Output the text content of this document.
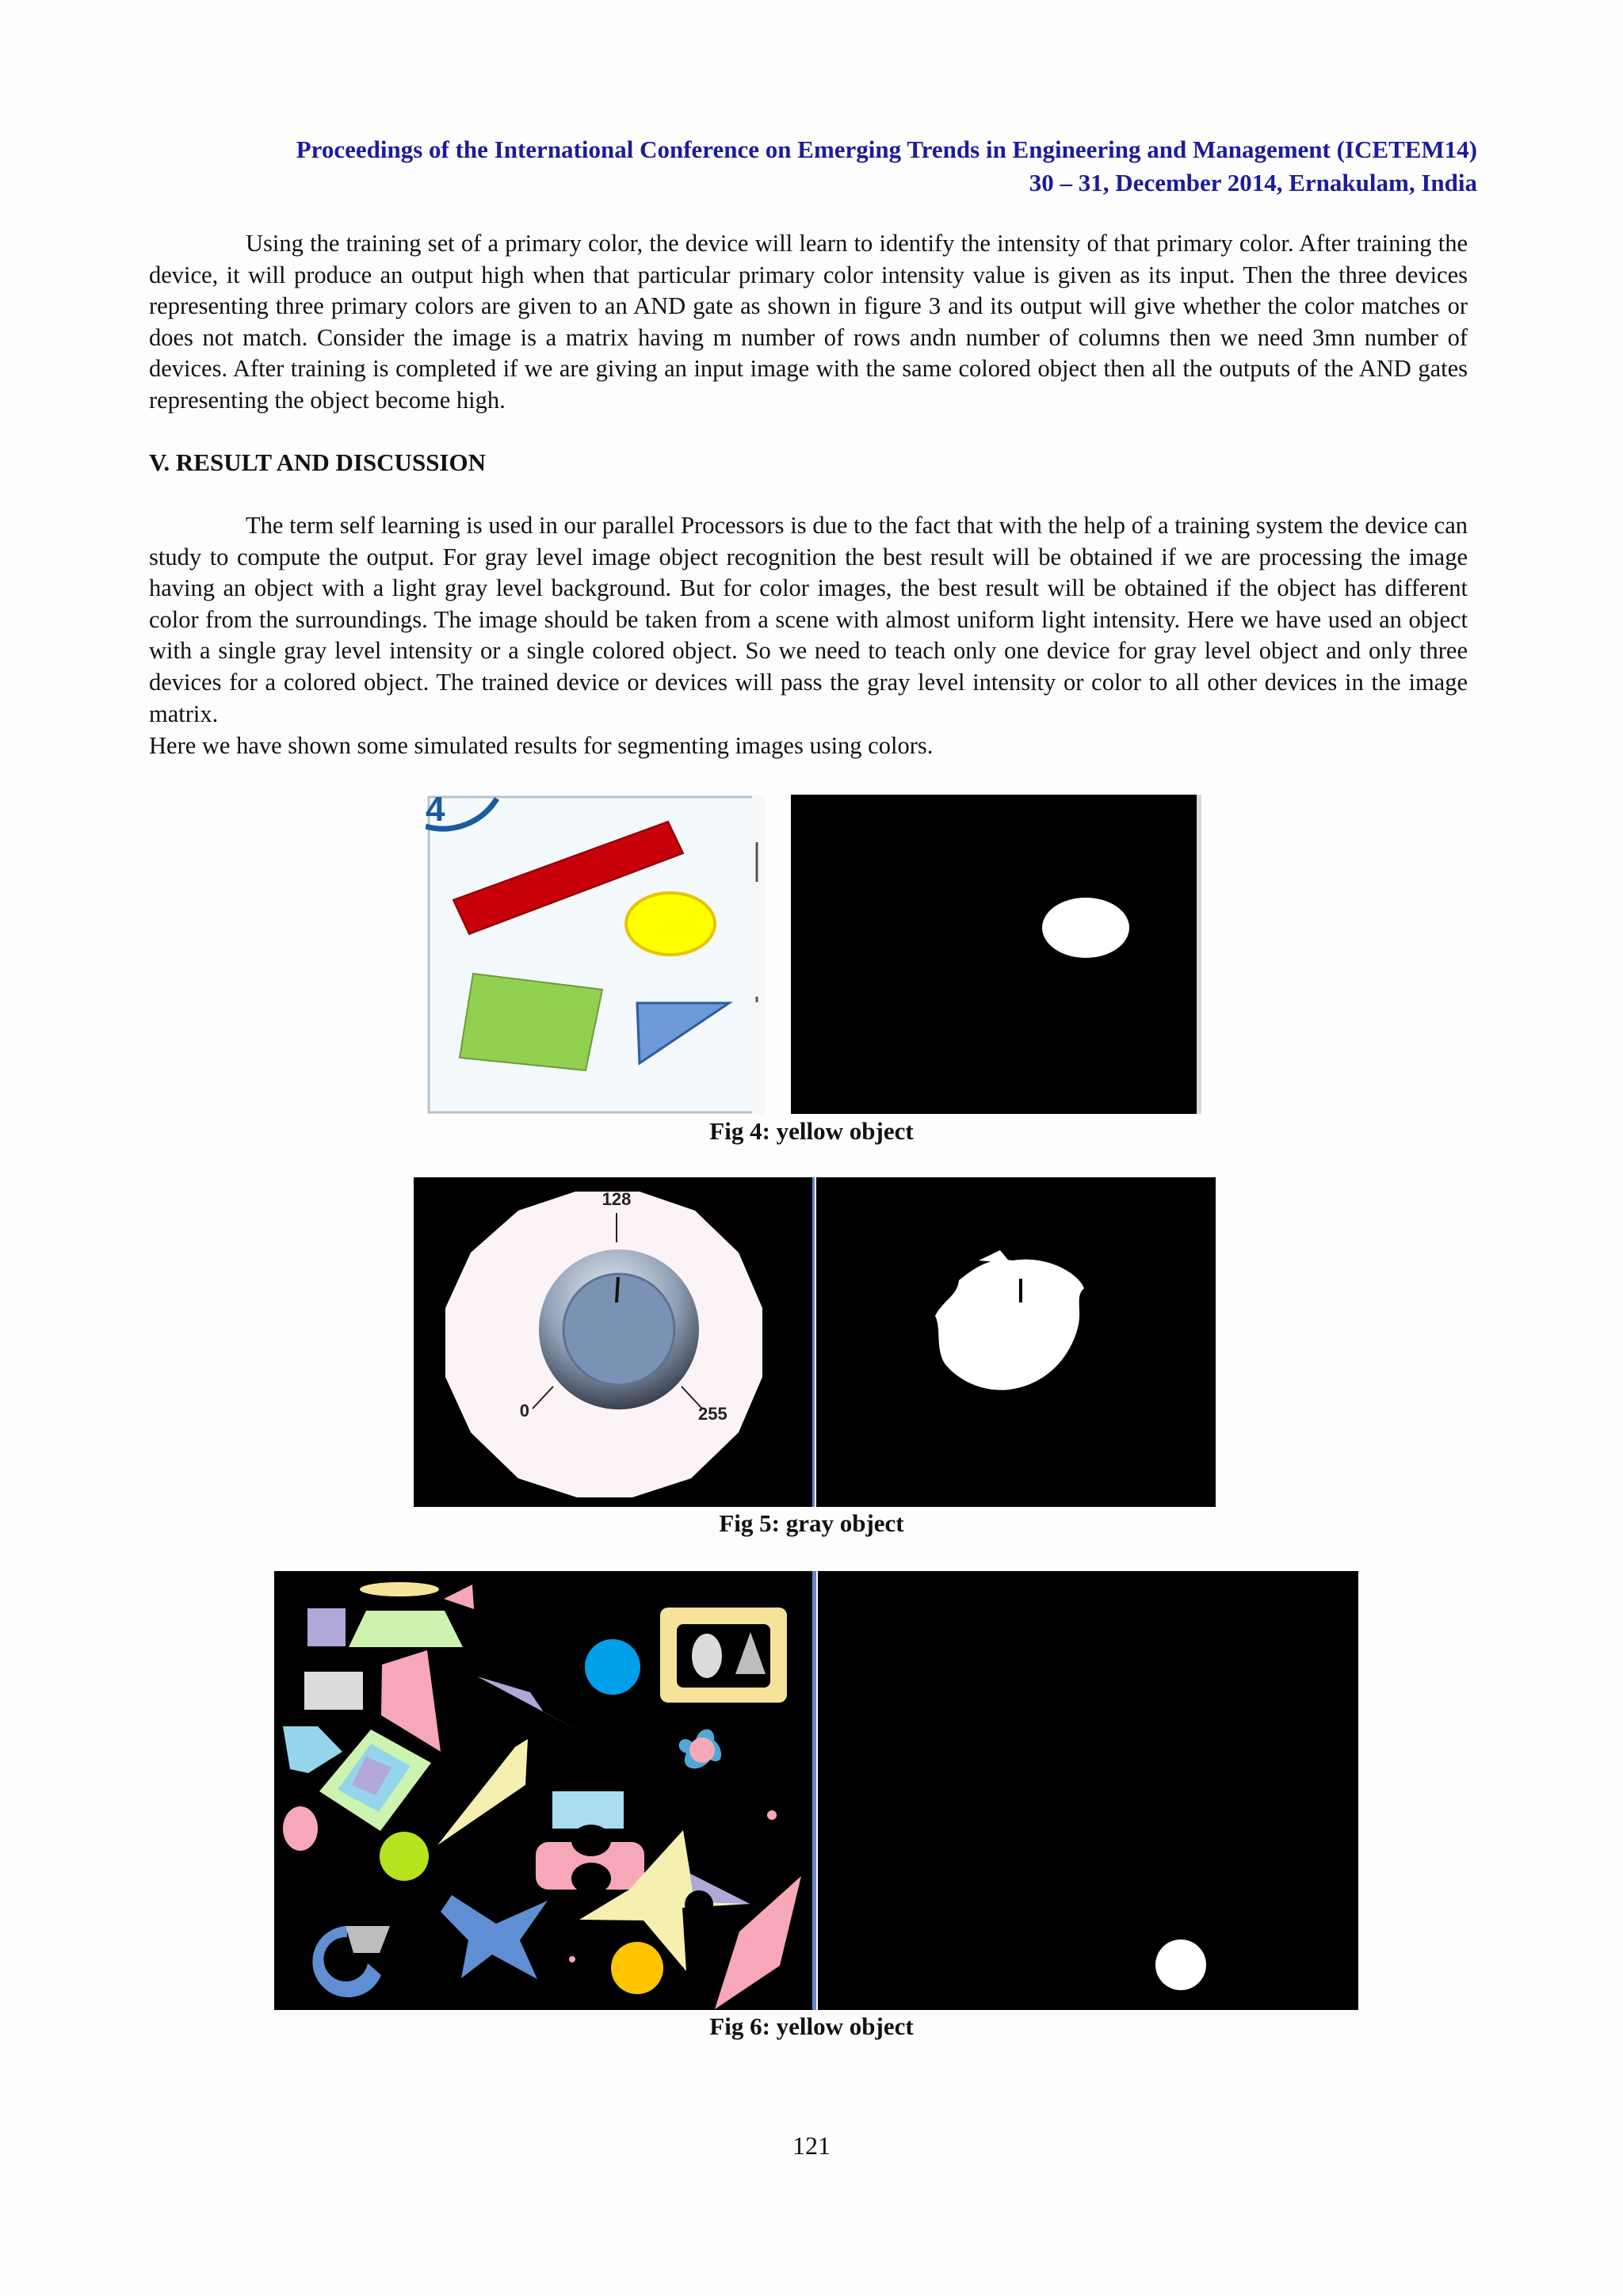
Proceedings of the International Conference on Emerging Trends in Engineering and Management (ICETEM14)
30 – 31, December 2014, Ernakulam, India

Using the training set of a primary color, the device will learn to identify the intensity of that primary color. After training the device, it will produce an output high when that particular primary color intensity value is given as its input. Then the three devices representing three primary colors are given to an AND gate as shown in figure 3 and its output will give whether the color matches or does not match. Consider the image is a matrix having m number of rows andn number of columns then we need 3mn number of devices. After training is completed if we are giving an input image with the same colored object then all the outputs of the AND gates representing the object become high.

V. RESULT AND DISCUSSION

The term self learning is used in our parallel Processors is due to the fact that with the help of a training system the device can study to compute the output. For gray level image object recognition the best result will be obtained if we are processing the image having an object with a light gray level background. But for color images, the best result will be obtained if the object has different color from the surroundings. The image should be taken from a scene with almost uniform light intensity. Here we have used an object with a single gray level intensity or a single colored object. So we need to teach only one device for gray level object and only three devices for a colored object. The trained device or devices will pass the gray level intensity or color to all other devices in the image matrix.

Here we have shown some simulated results for segmenting images using colors.

4
Fig 4: yellow object
128
0	255
Fig 5: gray object
Fig 6: yellow object
121
